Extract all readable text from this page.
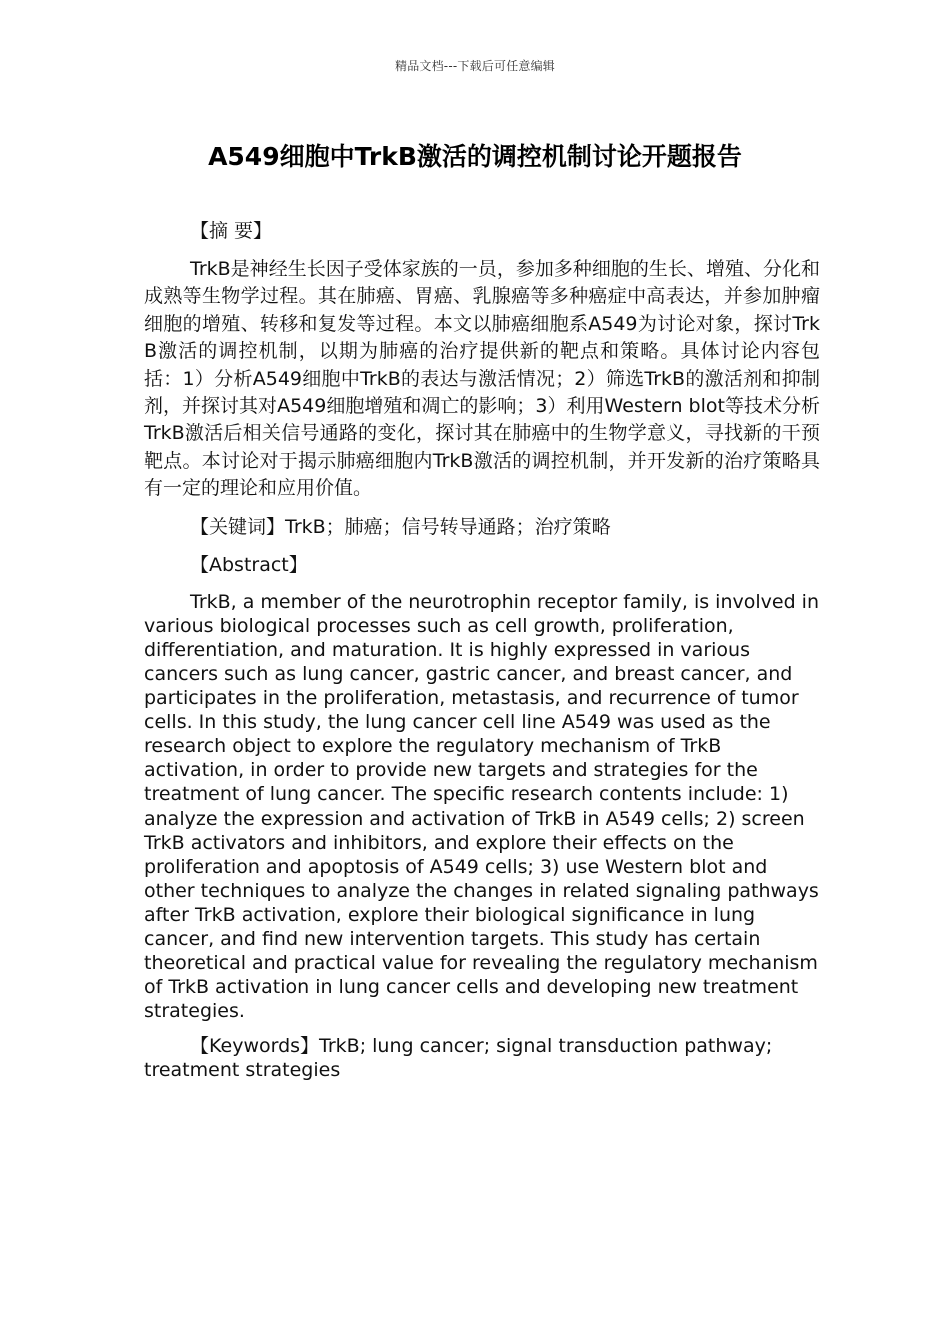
精品文档---下载后可任意编辑
A549细胞中TrkB激活的调控机制讨论开题报告
【摘 要】

TrkB是神经生长因子受体家族的一员，参加多种细胞的生长、增殖、分化和成熟等生物学过程。其在肺癌、胃癌、乳腺癌等多种癌症中高表达，并参加肿瘤细胞的增殖、转移和复发等过程。本文以肺癌细胞系A549为讨论对象，探讨TrkB激活的调控机制，以期为肺癌的治疗提供新的靶点和策略。具体讨论内容包括：1）分析A549细胞中TrkB的表达与激活情况；2）筛选TrkB的激活剂和抑制剂，并探讨其对A549细胞增殖和凋亡的影响；3）利用Western blot等技术分析TrkB激活后相关信号通路的变化，探讨其在肺癌中的生物学意义，寻找新的干预靶点。本讨论对于揭示肺癌细胞内TrkB激活的调控机制，并开发新的治疗策略具有一定的理论和应用价值。

【关键词】TrkB；肺癌；信号转导通路；治疗策略
【Abstract】

TrkB, a member of the neurotrophin receptor family, is involved in various biological processes such as cell growth, proliferation, differentiation, and maturation. It is highly expressed in various cancers such as lung cancer, gastric cancer, and breast cancer, and participates in the proliferation, metastasis, and recurrence of tumor cells. In this study, the lung cancer cell line A549 was used as the research object to explore the regulatory mechanism of TrkB activation, in order to provide new targets and strategies for the treatment of lung cancer. The specific research contents include: 1) analyze the expression and activation of TrkB in A549 cells; 2) screen TrkB activators and inhibitors, and explore their effects on the proliferation and apoptosis of A549 cells; 3) use Western blot and other techniques to analyze the changes in related signaling pathways after TrkB activation, explore their biological significance in lung cancer, and find new intervention targets. This study has certain theoretical and practical value for revealing the regulatory mechanism of TrkB activation in lung cancer cells and developing new treatment strategies.

【Keywords】TrkB; lung cancer; signal transduction pathway; treatment strategies
